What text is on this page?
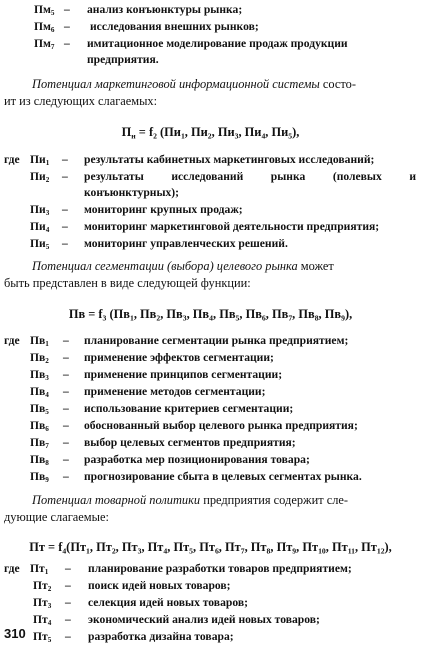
$Пм_5$ – анализ конъюнктуры рынка;
$Пм_6$ – исследования внешних рынков;
$Пм_7$ – имитационное моделирование продаж продукции
предприятия.
Потенциал маркетинговой информационной системы состо-
ит из следующих слагаемых:
$П_н = f_2$ ($Пи_1$, $Пи_2$, $Пи_3$, $Пи_4$, $Пи_5$),
где $Пи_1$ – результаты кабинетных маркетинговых исследований;
$Пи_2$ – результаты исследований рынка (полевых и
конъюнктурных);
$Пи_3$ – мониторинг крупных продаж;
$Пи_4$ – мониторинг маркетинговой деятельности предприятия;
$Пи_5$ – мониторинг управленческих решений.
Потенциал сегментации (выбора) целевого рынка может
быть представлен в виде следующей функции:
Пв = $f_3$ ($Пв_1$, $Пв_2$, $Пв_3$, $Пв_4$, $Пв_5$, $Пв_6$, $Пв_7$, $Пв_8$, $Пв_9$),
где $Пв_1$ – планирование сегментации рынка предприятием;
$Пв_2$ – применение эффектов сегментации;
$Пв_3$ – применение принципов сегментации;
$Пв_4$ – применение методов сегментации;
$Пв_5$ – использование критериев сегментации;
$Пв_6$ – обоснованный выбор целевого рынка предприятия;
$Пв_7$ – выбор целевых сегментов предприятия;
$Пв_8$ – разработка мер позиционирования товара;
$Пв_9$ – прогнозирование сбыта в целевых сегментах рынка.
Потенциал товарной политики предприятия содержит сле-
дующие слагаемые:
Пт = $f_4(Пт_1$, $Пт_2$, $Пт_3$, $Пт_4$, $Пт_5$, $Пт_6$, $Пт_7$, $Пт_8$, $Пт_9$, $Пт_{10}$, $Пт_{11}$, $Пт_{12}$),
где $Пт_1$ – планирование разработки товаров предприятием;
$Пт_2$ – поиск идей новых товаров;
$Пт_3$ – селекция идей новых товаров;
$Пт_4$ – экономический анализ идей новых товаров;
$Пт_5$ – разработка дизайна товара;
310
